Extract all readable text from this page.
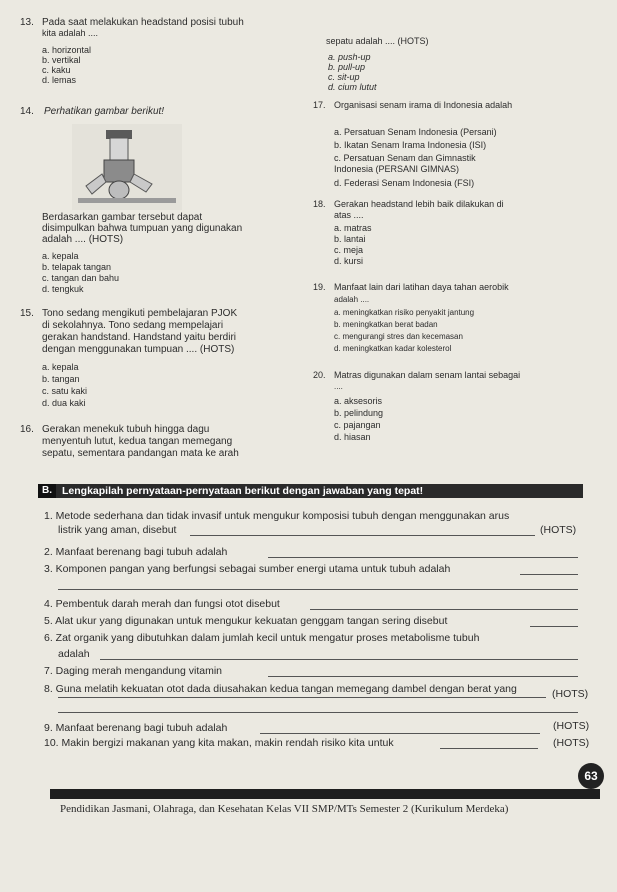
13. Pada saat melakukan headstand posisi tubuh
kita adalah ....
a. horizontal
b. vertikal
c. kaku
d. lemas
14. Perhatikan gambar berikut!
Berdasarkan gambar tersebut dapat
disimpulkan bahwa tumpuan yang digunakan
adalah .... (HOTS)
a. kepala
b. telapak tangan
c. tangan dan bahu
d. tengkuk
15. Tono sedang mengikuti pembelajaran PJOK
di sekolahnya. Tono sedang mempelajari
gerakan handstand. Handstand yaitu berdiri
dengan menggunakan tumpuan .... (HOTS)
a. kepala
b. tangan
c. satu kaki
d. dua kaki
16. Gerakan menekuk tubuh hingga dagu
menyentuh lutut, kedua tangan memegang
sepatu, sementara pandangan mata ke arah
sepatu adalah .... (HOTS)
a. push-up
b. pull-up
c. sit-up
d. cium lutut
17. Organisasi senam irama di Indonesia adalah
a. Persatuan Senam Indonesia (Persani)
b. Ikatan Senam Irama Indonesia (ISI)
c. Persatuan Senam dan Gimnastik
Indonesia (PERSANI GIMNAS)
d. Federasi Senam Indonesia (FSI)
18. Gerakan headstand lebih baik dilakukan di
atas ....
a. matras
b. lantai
c. meja
d. kursi
19. Manfaat lain dari latihan daya tahan aerobik
adalah ....
a. meningkatkan risiko penyakit jantung
b. meningkatkan berat badan
c. mengurangi stres dan kecemasan
d. meningkatkan kadar kolesterol
20. Matras digunakan dalam senam lantai sebagai
....
a. aksesoris
b. pelindung
c. pajangan
d. hiasan
Lengkapilah pernyataan-pernyataan berikut dengan jawaban yang tepat!
B.
1. Metode sederhana dan tidak invasif untuk mengukur komposisi tubuh dengan menggunakan arus
listrik yang aman, disebut	(HOTS)
2. Manfaat berenang bagi tubuh adalah
3. Komponen pangan yang berfungsi sebagai sumber energi utama untuk tubuh adalah
4. Pembentuk darah merah dan fungsi otot disebut
5. Alat ukur yang digunakan untuk mengukur kekuatan genggam tangan sering disebut
6. Zat organik yang dibutuhkan dalam jumlah kecil untuk mengatur proses metabolisme tubuh
adalah
7. Daging merah mengandung vitamin
8. Guna melatih kekuatan otot dada diusahakan kedua tangan memegang dambel dengan berat yang	(HOTS)
9. Manfaat berenang bagi tubuh adalah	(HOTS)
10. Makin bergizi makanan yang kita makan, makin rendah risiko kita untuk	(HOTS)
63
Pendidikan Jasmani, Olahraga, dan Kesehatan Kelas VII SMP/MTs Semester 2 (Kurikulum Merdeka)
